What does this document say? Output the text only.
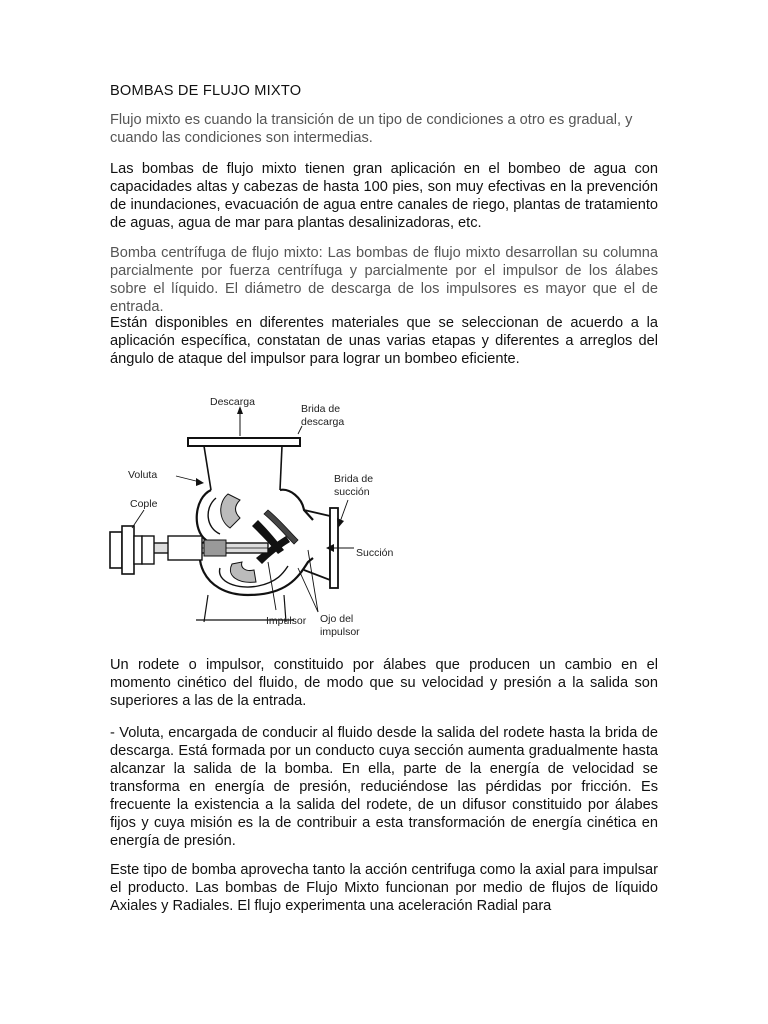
BOMBAS DE FLUJO MIXTO

Flujo mixto es cuando la transición de un tipo de condiciones a otro es gradual, y cuando las condiciones son intermedias.

Las bombas de flujo mixto tienen gran aplicación en el bombeo de agua con capacidades altas y cabezas de hasta 100 pies, son muy efectivas en la prevención de inundaciones, evacuación de agua entre canales de riego, plantas de tratamiento de aguas, agua de mar para plantas desalinizadoras, etc.

Bomba centrífuga de flujo mixto: Las bombas de flujo mixto desarrollan su columna parcialmente por fuerza centrífuga y parcialmente por el impulsor de los álabes sobre el líquido. El diámetro de descarga de los impulsores es mayor que el de entrada.

Están disponibles en diferentes materiales que se seleccionan de acuerdo a la aplicación específica, constatan de unas varias etapas y diferentes a arreglos del ángulo de ataque del impulsor para lograr un bombeo eficiente.

Descarga
Brida de
descarga
Voluta
Cople
Brida de
succión
Succión
Impulsor Ojo del
impulsor

Un rodete o impulsor, constituido por álabes que producen un cambio en el momento cinético del fluido, de modo que su velocidad y presión a la salida son superiores a las de la entrada.

- Voluta, encargada de conducir al fluido desde la salida del rodete hasta la brida de descarga. Está formada por un conducto cuya sección aumenta gradualmente hasta alcanzar la salida de la bomba. En ella, parte de la energía de velocidad se transforma en energía de presión, reduciéndose las pérdidas por fricción. Es frecuente la existencia a la salida del rodete, de un difusor constituido por álabes fijos y cuya misión es la de contribuir a esta transformación de energía cinética en energía de presión.

Este tipo de bomba aprovecha tanto la acción centrifuga como la axial para impulsar el producto. Las bombas de Flujo Mixto funcionan por medio de flujos de líquido Axiales y Radiales. El flujo experimenta una aceleración Radial para
